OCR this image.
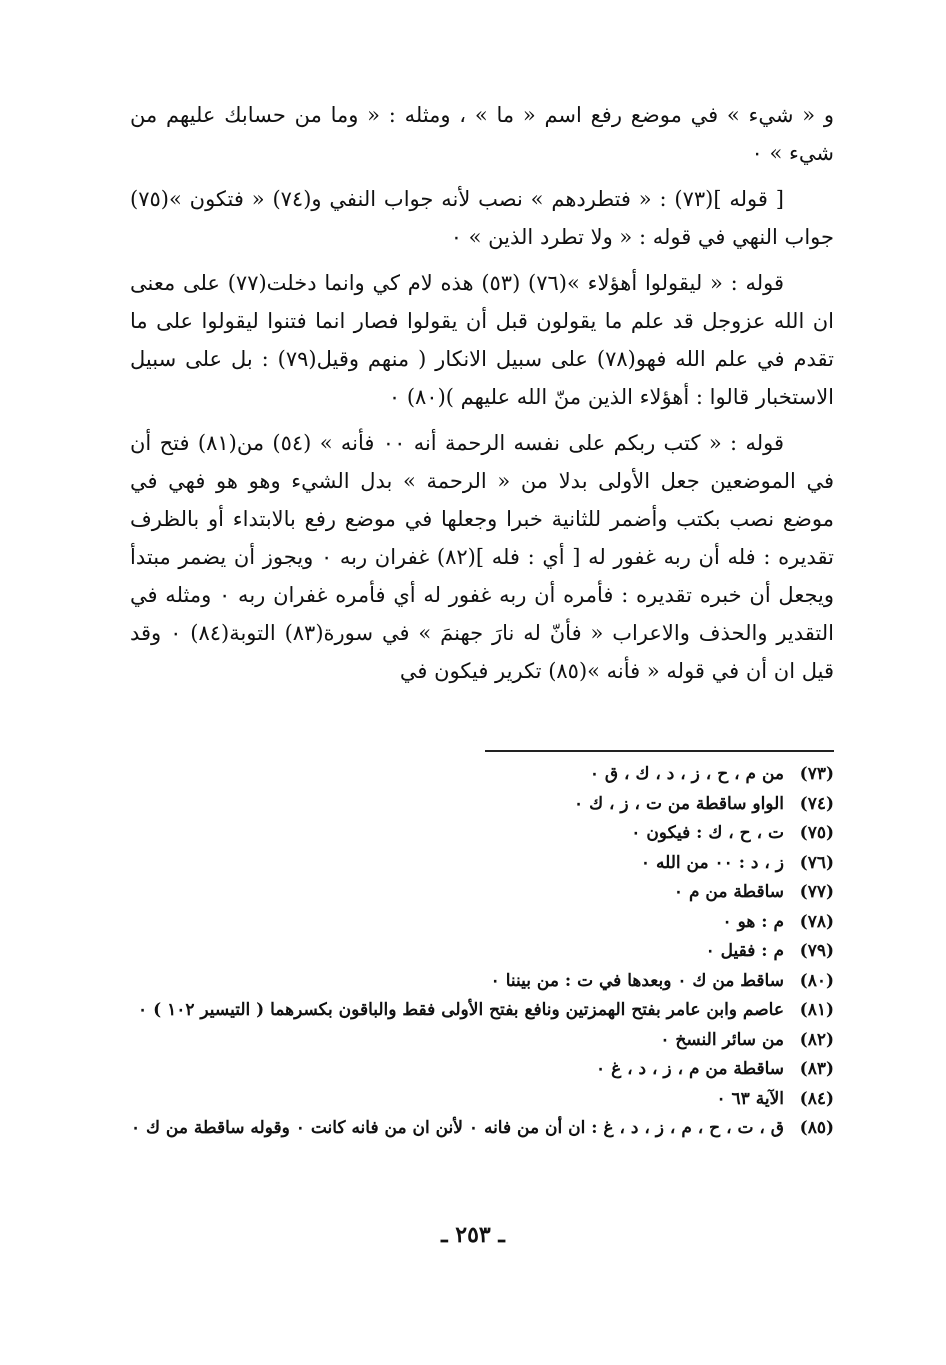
و « شيء » في موضع رفع اسم « ما » ، ومثله : « وما من حسابك عليهم من شيء » ٠

[ قوله ](٧٣) : « فتطردهم » نصب لأنه جواب النفي و(٧٤) « فتكون »(٧٥) جواب النهي في قوله : « ولا تطرد الذين » ٠

قوله : « ليقولوا أهؤلاء »(٧٦) (٥٣) هذه لام كي وانما دخلت(٧٧) على معنى ان الله عزوجل قد علم ما يقولون قبل أن يقولوا فصار انما فتنوا ليقولوا على ما تقدم في علم الله فهو(٧٨) على سبيل الانكار ( منهم وقيل(٧٩) : بل على سبيل الاستخبار قالوا : أهؤلاء الذين منّ الله عليهم )(٨٠) ٠

قوله : « كتب ربكم على نفسه الرحمة أنه ٠٠ فأنه » (٥٤) من(٨١) فتح أن في الموضعين جعل الأولى بدلا من « الرحمة » بدل الشيء وهو هو فهي في موضع نصب بكتب وأضمر للثانية خبرا وجعلها في موضع رفع بالابتداء أو بالظرف تقديره : فله أن ربه غفور له [ أي : فله ](٨٢) غفران ربه ٠ ويجوز أن يضمر مبتدأ ويجعل أن خبره تقديره : فأمره أن ربه غفور له أي فأمره غفران ربه ٠ ومثله في التقدير والحذف والاعراب « فأنّ له نارَ جهنمَ » في سورة(٨٣) التوبة(٨٤) ٠ وقد قيل ان أن في قوله « فأنه »(٨٥) تكرير فيكون في

(٧٣)
من م ، ح ، ز ، د ، ك ، ق ٠
(٧٤)
الواو ساقطة من ت ، ز ، ك ٠
(٧٥)
ت ، ح ، ك : فيكون ٠
(٧٦)
ز ، د : ٠٠ من الله ٠
(٧٧)
ساقطة من م ٠
(٧٨)
م : هو ٠
(٧٩)
م : فقيل ٠
(٨٠)
ساقط من ك ٠ وبعدها في ت : من بيننا ٠
(٨١)
عاصم وابن عامر بفتح الهمزتين ونافع بفتح الأولى فقط والباقون بكسرهما ( التيسير ١٠٢ ) ٠
(٨٢)
من سائر النسخ ٠
(٨٣)
ساقطة من م ، ز ، د ، غ ٠
(٨٤)
الآية ٦٣ ٠
(٨٥)
ق ، ت ، ح ، م ، ز ، د ، غ : ان أن من فانه ٠ لأنن ان من فانه كانت ٠ وقوله ساقطة من ك ٠
ـ ٢٥٣ ـ
